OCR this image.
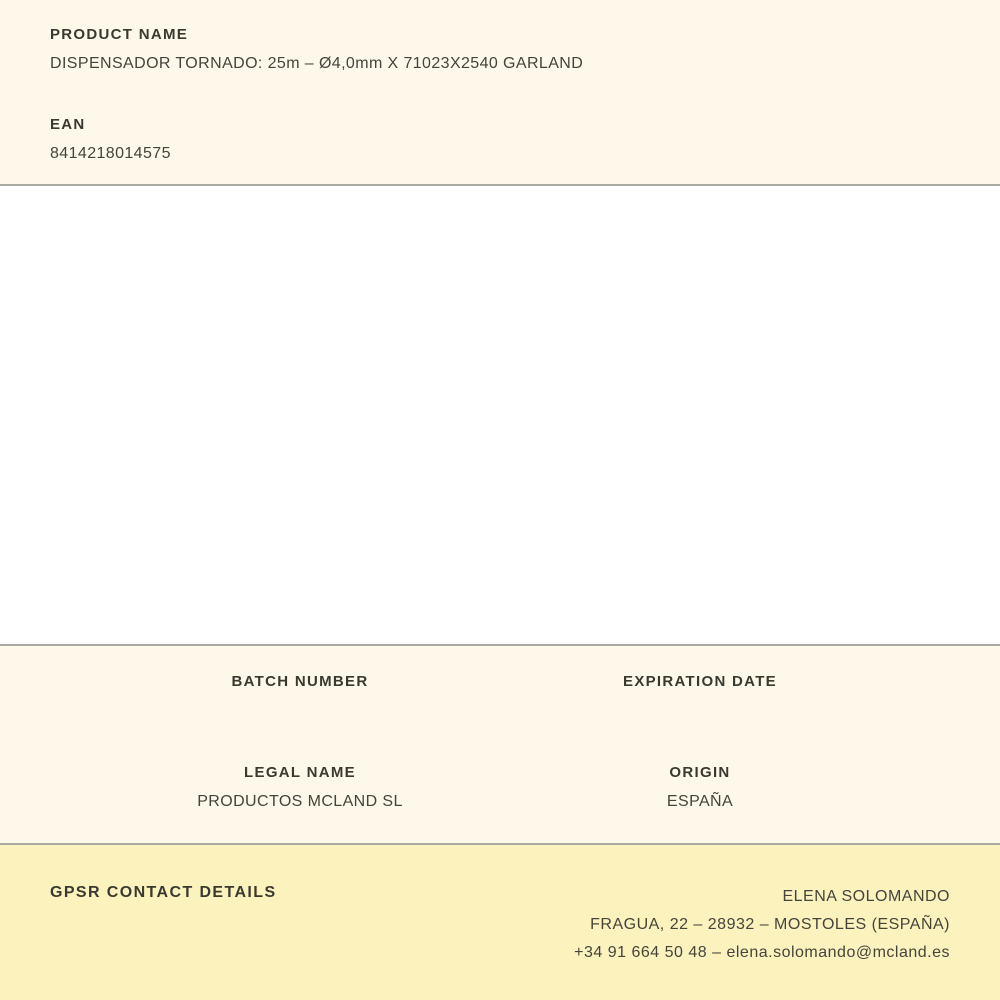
PRODUCT NAME
DISPENSADOR TORNADO: 25m – Ø4,0mm X 71023X2540 GARLAND
EAN
8414218014575
BATCH NUMBER	EXPIRATION DATE
LEGAL NAME
PRODUCTOS MCLAND SL
ORIGIN
ESPAÑA
GPSR CONTACT DETAILS	ELENA SOLOMANDO
FRAGUA, 22 – 28932 – MOSTOLES (ESPAÑA)
+34 91 664 50 48 – elena.solomando@mcland.es
